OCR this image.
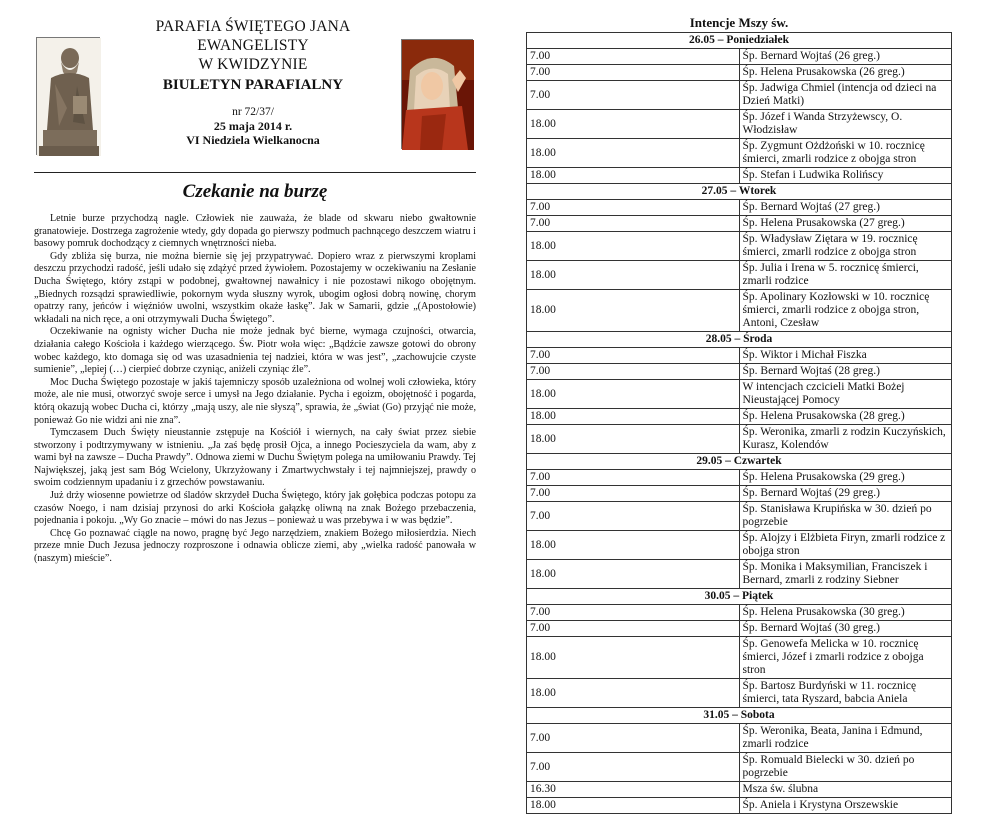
PARAFIA ŚWIĘTEGO JANA EWANGELISTY
W KWIDZYNIE
BIULETYN PARAFIALNY
nr 72/37/
25 maja 2014 r.
VI Niedziela Wielkanocna
Czekanie na burzę

Letnie burze przychodzą nagle. Człowiek nie zauważa, że blade od skwaru niebo gwałtownie granatowieje. Dostrzega zagrożenie wtedy, gdy dopada go pierwszy podmuch pachnącego deszczem wiatru i basowy pomruk dochodzący z ciemnych wnętrzności nieba.

Gdy zbliża się burza, nie można biernie się jej przypatrywać. Dopiero wraz z pierwszymi kroplami deszczu przychodzi radość, jeśli udało się zdążyć przed żywiołem. Pozostajemy w oczekiwaniu na Zesłanie Ducha Świętego, który zstąpi w podobnej, gwałtownej nawałnicy i nie pozostawi nikogo obojętnym. „Biednych rozsądzi sprawiedliwie, pokornym wyda słuszny wyrok, ubogim ogłosi dobrą nowinę, chorym opatrzy rany, jeńców i więźniów uwolni, wszystkim okaże łaskę”. Jak w Samarii, gdzie „(Apostołowie) wkładali na nich ręce, a oni otrzymywali Ducha Świętego”.

Oczekiwanie na ognisty wicher Ducha nie może jednak być bierne, wymaga czujności, otwarcia, działania całego Kościoła i każdego wierzącego. Św. Piotr woła więc: „Bądźcie zawsze gotowi do obrony wobec każdego, kto domaga się od was uzasadnienia tej nadziei, która w was jest”, „zachowujcie czyste sumienie”, „lepiej (…) cierpieć dobrze czyniąc, aniżeli czyniąc źle”.

Moc Ducha Świętego pozostaje w jakiś tajemniczy sposób uzależniona od wolnej woli człowieka, który może, ale nie musi, otworzyć swoje serce i umysł na Jego działanie. Pycha i egoizm, obojętność i pogarda, którą okazują wobec Ducha ci, którzy „mają uszy, ale nie słyszą”, sprawia, że „świat (Go) przyjąć nie może, ponieważ Go nie widzi ani nie zna”.

Tymczasem Duch Święty nieustannie zstępuje na Kościół i wiernych, na cały świat przez siebie stworzony i podtrzymywany w istnieniu. „Ja zaś będę prosił Ojca, a innego Pocieszyciela da wam, aby z wami był na zawsze – Ducha Prawdy”. Odnowa ziemi w Duchu Świętym polega na umiłowaniu Prawdy. Tej Największej, jaką jest sam Bóg Wcielony, Ukrzyżowany i Zmartwychwstały i tej najmniejszej, prawdy o swoim codziennym upadaniu i z grzechów powstawaniu.

Już drży wiosenne powietrze od śladów skrzydeł Ducha Świętego, który jak gołębica podczas potopu za czasów Noego, i nam dzisiaj przynosi do arki Kościoła gałązkę oliwną na znak Bożego przebaczenia, pojednania i pokoju. „Wy Go znacie – mówi do nas Jezus – ponieważ u was przebywa i w was będzie”.

Chcę Go poznawać ciągle na nowo, pragnę być Jego narzędziem, znakiem Bożego miłosierdzia. Niech przeze mnie Duch Jezusa jednoczy rozproszone i odnawia oblicze ziemi, aby „wielka radość panowała w (naszym) mieście”.

Intencje Mszy św.
26.05 – Poniedziałek	
7.00	Śp. Bernard Wojtaś (26 greg.)
7.00	Śp. Helena Prusakowska (26 greg.)
7.00	Śp. Jadwiga Chmiel (intencja od dzieci na Dzień Matki)
18.00	Śp. Józef i Wanda Strzyżewscy, O. Włodzisław
18.00	Śp. Zygmunt Ożdżoński w 10. rocznicę śmierci, zmarli rodzice z obojga stron
18.00	Śp. Stefan i Ludwika Rolińscy
27.05 – Wtorek	
7.00	Śp. Bernard Wojtaś (27 greg.)
7.00	Śp. Helena Prusakowska (27 greg.)
18.00	Śp. Władysław Ziętara w 19. rocznicę śmierci, zmarli rodzice z obojga stron
18.00	Śp. Julia i Irena w 5. rocznicę śmierci, zmarli rodzice
18.00	Śp. Apolinary Kozłowski w 10. rocznicę śmierci, zmarli rodzice z obojga stron, Antoni, Czesław
28.05 – Środa	
7.00	Śp. Wiktor i Michał Fiszka
7.00	Śp. Bernard Wojtaś (28 greg.)
18.00	W intencjach czcicieli Matki Bożej Nieustającej Pomocy
18.00	Śp. Helena Prusakowska (28 greg.)
18.00	Śp. Weronika, zmarli z rodzin Kuczyńskich, Kurasz, Kolendów
29.05 – Czwartek	
7.00	Śp. Helena Prusakowska (29 greg.)
7.00	Śp. Bernard Wojtaś (29 greg.)
7.00	Śp. Stanisława Krupińska w 30. dzień po pogrzebie
18.00	Śp. Alojzy i Elżbieta Firyn, zmarli rodzice z obojga stron
18.00	Śp. Monika i Maksymilian, Franciszek i Bernard, zmarli z rodziny Siebner
30.05 – Piątek	
7.00	Śp. Helena Prusakowska (30 greg.)
7.00	Śp. Bernard Wojtaś (30 greg.)
18.00	Śp. Genowefa Melicka w 10. rocznicę śmierci, Józef i zmarli rodzice z obojga stron
18.00	Śp. Bartosz Burdyński w 11. rocznicę śmierci, tata Ryszard, babcia Aniela
31.05 – Sobota	
7.00	Śp. Weronika, Beata, Janina i Edmund, zmarli rodzice
7.00	Śp. Romuald Bielecki w 30. dzień po pogrzebie
16.30	Msza św. ślubna
18.00	Śp. Aniela i Krystyna Orszewskie
